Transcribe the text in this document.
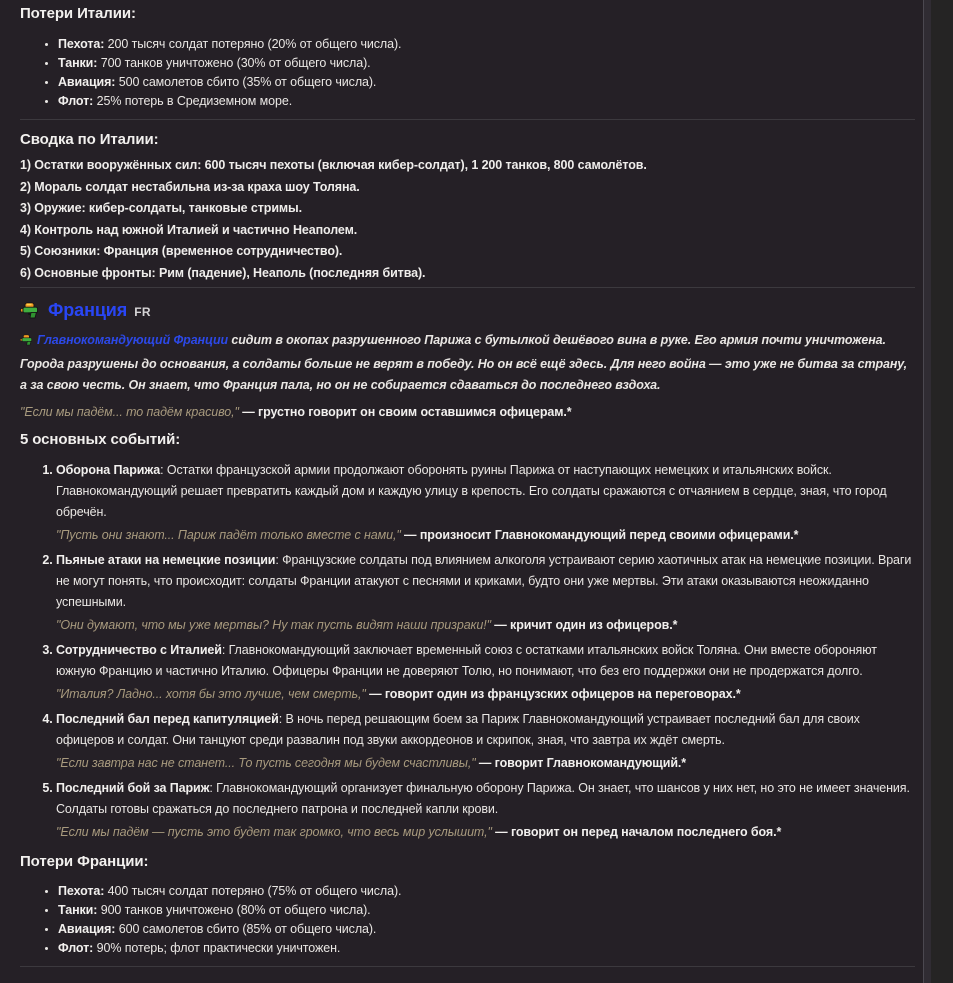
Потери Италии:
• Пехота: 200 тысяч солдат потеряно (20% от общего числа).
• Танки: 700 танков уничтожено (30% от общего числа).
• Авиация: 500 самолетов сбито (35% от общего числа).
• Флот: 25% потерь в Средиземном море.
Сводка по Италии:

1) Остатки вооружённых сил: 600 тысяч пехоты (включая кибер-солдат), 1 200 танков, 800 самолётов.

2) Мораль солдат нестабильна из-за краха шоу Толяна.

3) Оружие: кибер-солдаты, танковые стримы.

4) Контроль над южной Италией и частично Неаполем.

5) Союзники: Франция (временное сотрудничество).

6) Основные фронты: Рим (падение), Неаполь (последняя битва).

Франция FR

Главнокомандующий Франции сидит в окопах разрушенного Парижа с бутылкой дешёвого вина в руке. Его армия почти уничтожена. Города разрушены до основания, а солдаты больше не верят в победу. Но он всё ещё здесь. Для него война — это уже не битва за страну, а за свою честь. Он знает, что Франция пала, но он не собирается сдаваться до последнего вздоха.

"Если мы падём... то падём красиво," — грустно говорит он своим оставшимся офицерам.*

5 основных событий:

1. Оборона Парижа: Остатки французской армии продолжают оборонять руины Парижа от наступающих немецких и итальянских войск. Главнокомандующий решает превратить каждый дом и каждую улицу в крепость. Его солдаты сражаются с отчаянием в сердце, зная, что город обречён.

"Пусть они знают... Париж падёт только вместе с нами," — произносит Главнокомандующий перед своими офицерами.*

2. Пьяные атаки на немецкие позиции: Французские солдаты под влиянием алкоголя устраивают серию хаотичных атак на немецкие позиции. Враги не могут понять, что происходит: солдаты Франции атакуют с песнями и криками, будто они уже мертвы. Эти атаки оказываются неожиданно успешными.

"Они думают, что мы уже мертвы? Ну так пусть видят наши призраки!" — кричит один из офицеров.*

3. Сотрудничество с Италией: Главнокомандующий заключает временный союз с остатками итальянских войск Толяна. Они вместе обороняют южную Францию и частично Италию. Офицеры Франции не доверяют Толю, но понимают, что без его поддержки они не продержатся долго.

"Италия? Ладно... хотя бы это лучше, чем смерть," — говорит один из французских офицеров на переговорах.*

4. Последний бал перед капитуляцией: В ночь перед решающим боем за Париж Главнокомандующий устраивает последний бал для своих офицеров и солдат. Они танцуют среди развалин под звуки аккордеонов и скрипок, зная, что завтра их ждёт смерть.

"Если завтра нас не станет... То пусть сегодня мы будем счастливы," — говорит Главнокомандующий.*

5. Последний бой за Париж: Главнокомандующий организует финальную оборону Парижа. Он знает, что шансов у них нет, но это не имеет значения. Солдаты готовы сражаться до последнего патрона и последней капли крови.

"Если мы падём — пусть это будет так громко, что весь мир услышит," — говорит он перед началом последнего боя.*

Потери Франции:
• Пехота: 400 тысяч солдат потеряно (75% от общего числа).
• Танки: 900 танков уничтожено (80% от общего числа).
• Авиация: 600 самолетов сбито (85% от общего числа).
• Флот: 90% потерь; флот практически уничтожен.
